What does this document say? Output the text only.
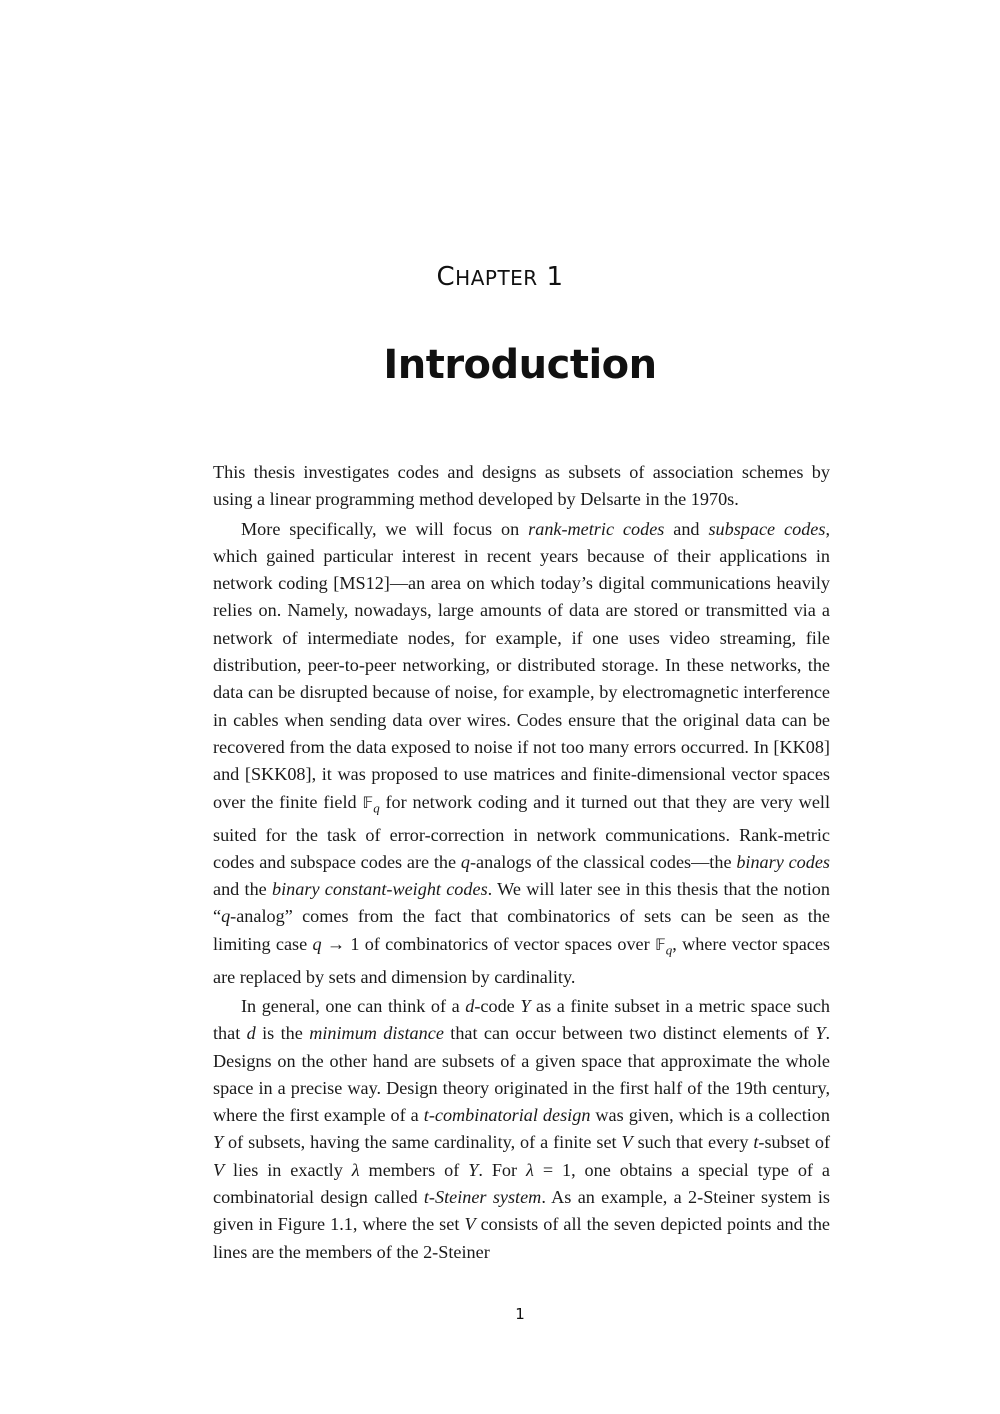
CHAPTER 1
Introduction

This thesis investigates codes and designs as subsets of association schemes by using a linear programming method developed by Delsarte in the 1970s.

More specifically, we will focus on rank-metric codes and subspace codes, which gained particular interest in recent years because of their applications in network coding [MS12]—an area on which today’s digital communications heavily relies on. Namely, nowadays, large amounts of data are stored or transmitted via a network of intermediate nodes, for example, if one uses video streaming, file distribution, peer-to-peer networking, or distributed storage. In these networks, the data can be disrupted because of noise, for example, by electromagnetic interference in cables when sending data over wires. Codes ensure that the original data can be recovered from the data exposed to noise if not too many errors occurred. In [KK08] and [SKK08], it was proposed to use matrices and finite-dimensional vector spaces over the finite field 𝔽$_q$ for network coding and it turned out that they are very well suited for the task of error-correction in network communications. Rank-metric codes and subspace codes are the q-analogs of the classical codes—the binary codes and the binary constant-weight codes. We will later see in this thesis that the notion “q-analog” comes from the fact that combinatorics of sets can be seen as the limiting case q → 1 of combinatorics of vector spaces over 𝔽$_q$, where vector spaces are replaced by sets and dimension by cardinality.

In general, one can think of a d-code Y as a finite subset in a metric space such that d is the minimum distance that can occur between two distinct elements of Y. Designs on the other hand are subsets of a given space that approximate the whole space in a precise way. Design theory originated in the first half of the 19th century, where the first example of a t-combinatorial design was given, which is a collection Y of subsets, having the same cardinality, of a finite set V such that every t-subset of V lies in exactly λ members of Y. For λ = 1, one obtains a special type of a combinatorial design called t-Steiner system. As an example, a 2-Steiner system is given in Figure 1.1, where the set V consists of all the seven depicted points and the lines are the members of the 2-Steiner

1
